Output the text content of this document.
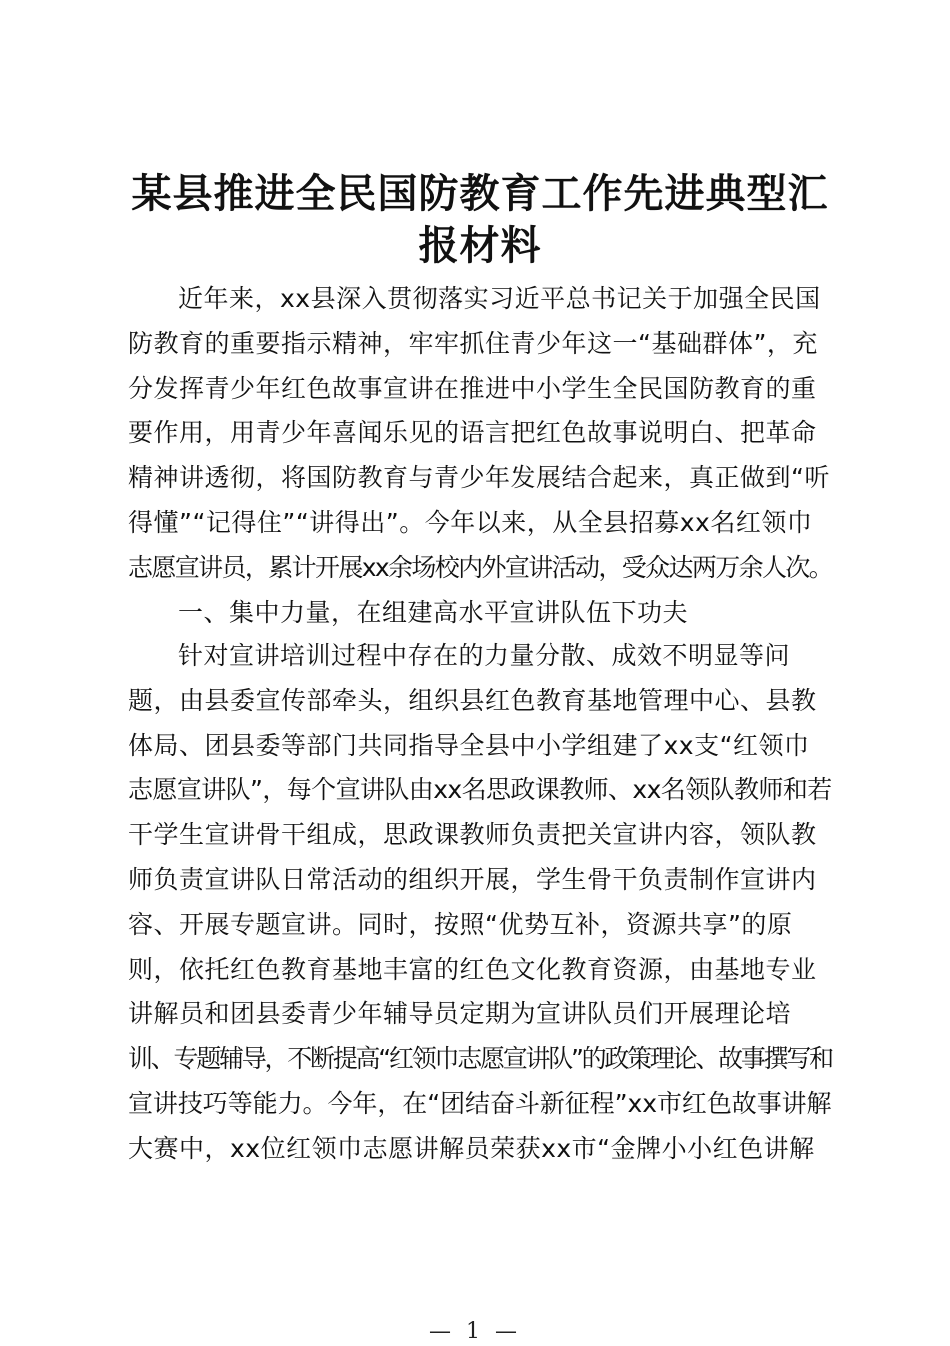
某县推进全民国防教育工作先进典型汇
报材料
近年来，xx县深入贯彻落实习近平总书记关于加强全民国
防教育的重要指示精神，牢牢抓住青少年这一“基础群体”，充
分发挥青少年红色故事宣讲在推进中小学生全民国防教育的重
要作用，用青少年喜闻乐见的语言把红色故事说明白、把革命
精神讲透彻，将国防教育与青少年发展结合起来，真正做到“听
得懂”“记得住”“讲得出”。今年以来，从全县招募xx名红领巾
志愿宣讲员，累计开展xx余场校内外宣讲活动，受众达两万余人次。
一、集中力量，在组建高水平宣讲队伍下功夫
针对宣讲培训过程中存在的力量分散、成效不明显等问
题，由县委宣传部牵头，组织县红色教育基地管理中心、县教
体局、团县委等部门共同指导全县中小学组建了xx支“红领巾
志愿宣讲队”，每个宣讲队由xx名思政课教师、xx名领队教师和若
干学生宣讲骨干组成，思政课教师负责把关宣讲内容，领队教
师负责宣讲队日常活动的组织开展，学生骨干负责制作宣讲内
容、开展专题宣讲。同时，按照“优势互补，资源共享”的原
则，依托红色教育基地丰富的红色文化教育资源，由基地专业
讲解员和团县委青少年辅导员定期为宣讲队员们开展理论培
训、专题辅导，不断提高“红领巾志愿宣讲队”的政策理论、故事撰写和
宣讲技巧等能力。今年，在“团结奋斗新征程”xx市红色故事讲解
大赛中，xx位红领巾志愿讲解员荣获xx市“金牌小小红色讲解
— 1 —
